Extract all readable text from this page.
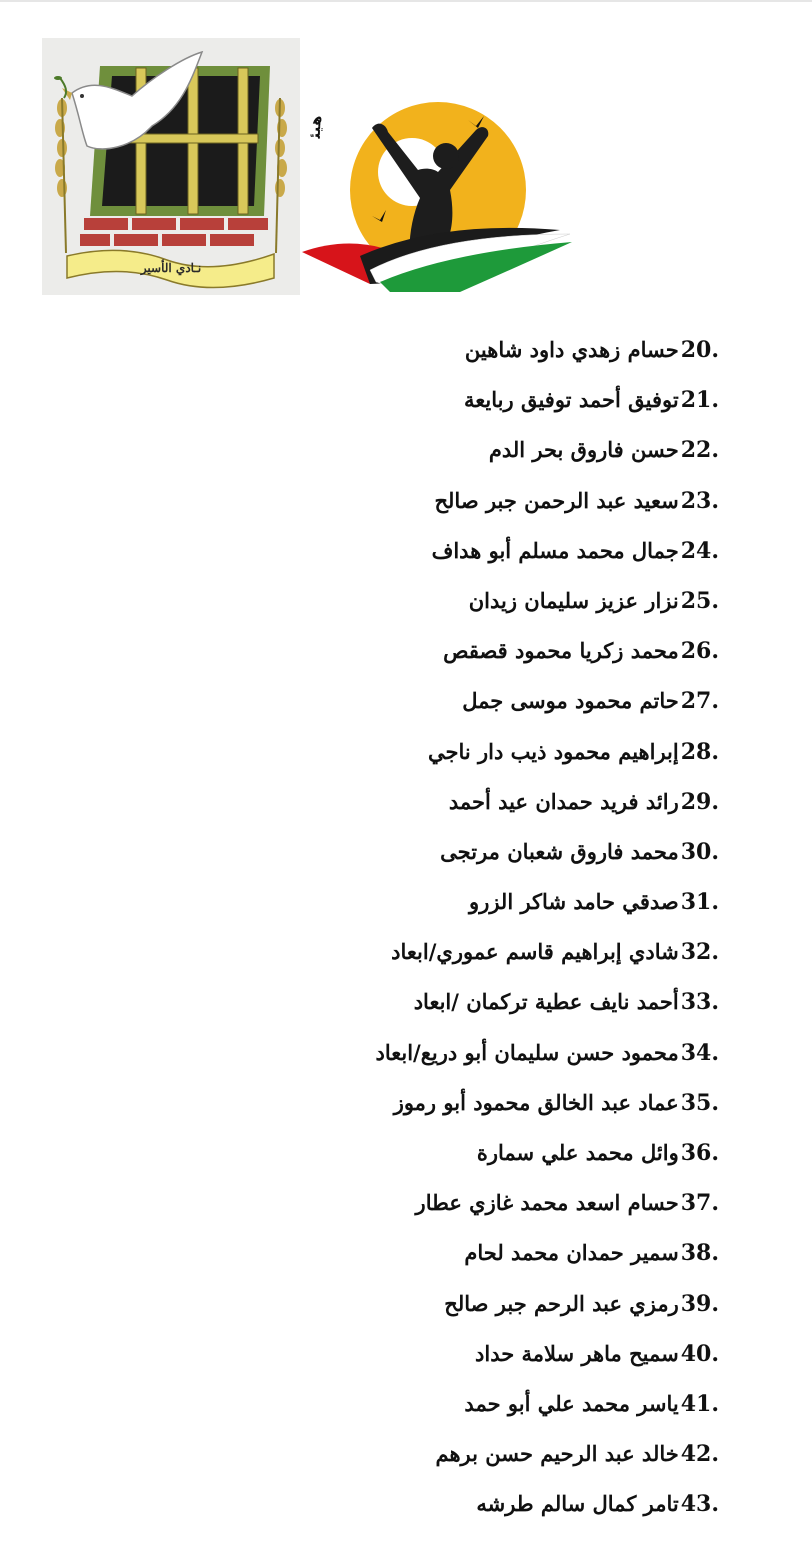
نـادي الأسير
هيئ
20.حسام زهدي داود شاهين
21.توفيق أحمد توفيق ربايعة
22.حسن فاروق بحر الدم
23.سعيد عبد الرحمن جبر صالح
24.جمال محمد مسلم أبو هداف
25.نزار عزيز سليمان زيدان
26.محمد زكريا محمود قصقص
27.حاتم محمود موسى جمل
28.إبراهيم محمود ذيب دار ناجي
29.رائد فريد حمدان عيد أحمد
30.محمد فاروق شعبان مرتجى
31.صدقي حامد شاكر الزرو
32.شادي إبراهيم قاسم عموري/ابعاد
33.أحمد نايف عطية تركمان /ابعاد
34.محمود حسن سليمان أبو دريع/ابعاد
35.عماد عبد الخالق محمود أبو رموز
36.وائل محمد علي سمارة
37.حسام اسعد محمد غازي عطار
38.سمير حمدان محمد لحام
39.رمزي عبد الرحم جبر صالح
40.سميح ماهر سلامة حداد
41.ياسر محمد علي أبو حمد
42.خالد عبد الرحيم حسن برهم
43.تامر كمال سالم طرشه
